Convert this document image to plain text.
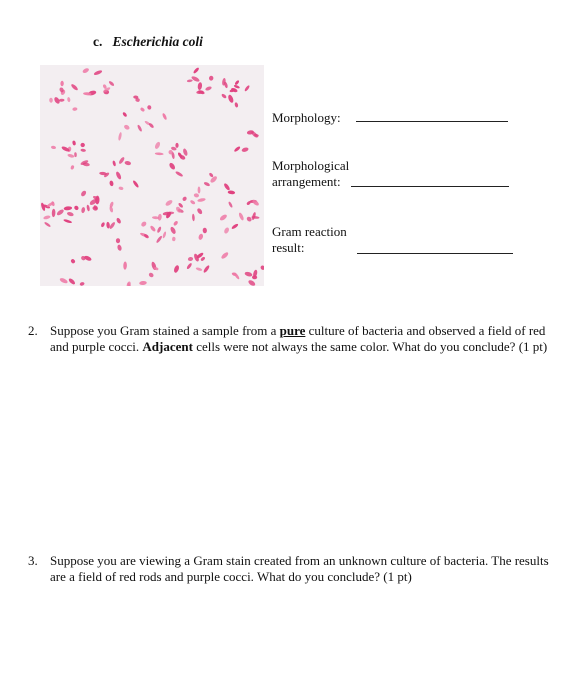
c. Escherichia coli
Morphology:
Morphological
arrangement:
Gram reaction
result:
2. Suppose you Gram stained a sample from a pure culture of bacteria and observed a field of red and purple cocci. Adjacent cells were not always the same color. What do you conclude? (1 pt)
3. Suppose you are viewing a Gram stain created from an unknown culture of bacteria. The results are a field of red rods and purple cocci. What do you conclude? (1 pt)
